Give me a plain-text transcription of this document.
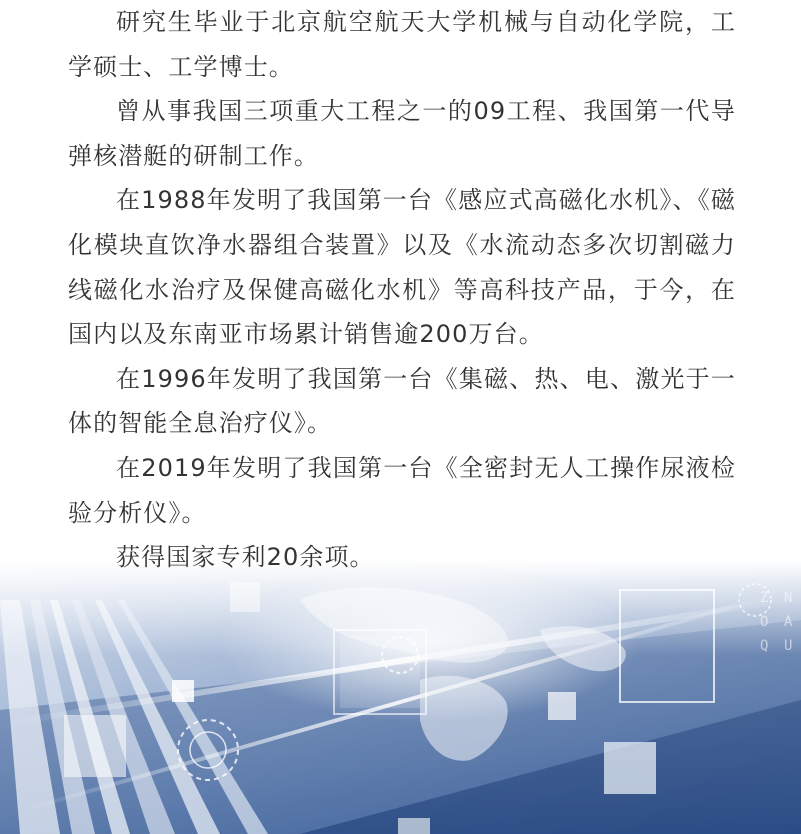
研究生毕业于北京航空航天大学机械与自动化学院，工学硕士、工学博士。

曾从事我国三项重大工程之一的09工程、我国第一代导弹核潜艇的研制工作。

在1988年发明了我国第一台《感应式高磁化水机》、《磁化模块直饮净水器组合装置》以及《水流动态多次切割磁力线磁化水治疗及保健高磁化水机》等高科技产品，于今，在国内以及东南亚市场累计销售逾200万台。

在1996年发明了我国第一台《集磁、热、电、激光于一体的智能全息治疗仪》。

在2019年发明了我国第一台《全密封无人工操作尿液检验分析仪》。

获得国家专利20余项。
